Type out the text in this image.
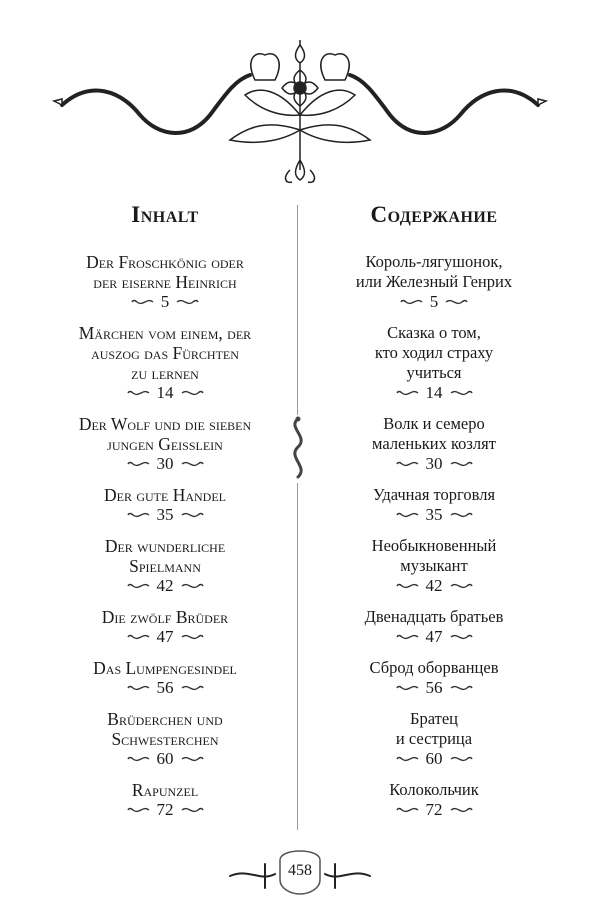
Inhalt
Der Froschkönig oder
der eiserne Heinrich
5
Märchen vom einem, der
auszog das Fürchten
zu lernen
14
Der Wolf und die sieben
jungen Geißlein
30
Der gute Handel
35
Der wunderliche
Spielmann
42
Die zwölf Brüder
47
Das Lumpengesindel
56
Brüderchen und
Schwesterchen
60
Rapunzel
72
Содержание
Король-лягушонок,
или Железный Генрих
5
Сказка о том,
кто ходил страху
учиться
14
Волк и семеро
маленьких козлят
30
Удачная торговля
35
Необыкновенный
музыкант
42
Двенадцать братьев
47
Сброд оборванцев
56
Братец
и сестрица
60
Колокольчик
72
458
